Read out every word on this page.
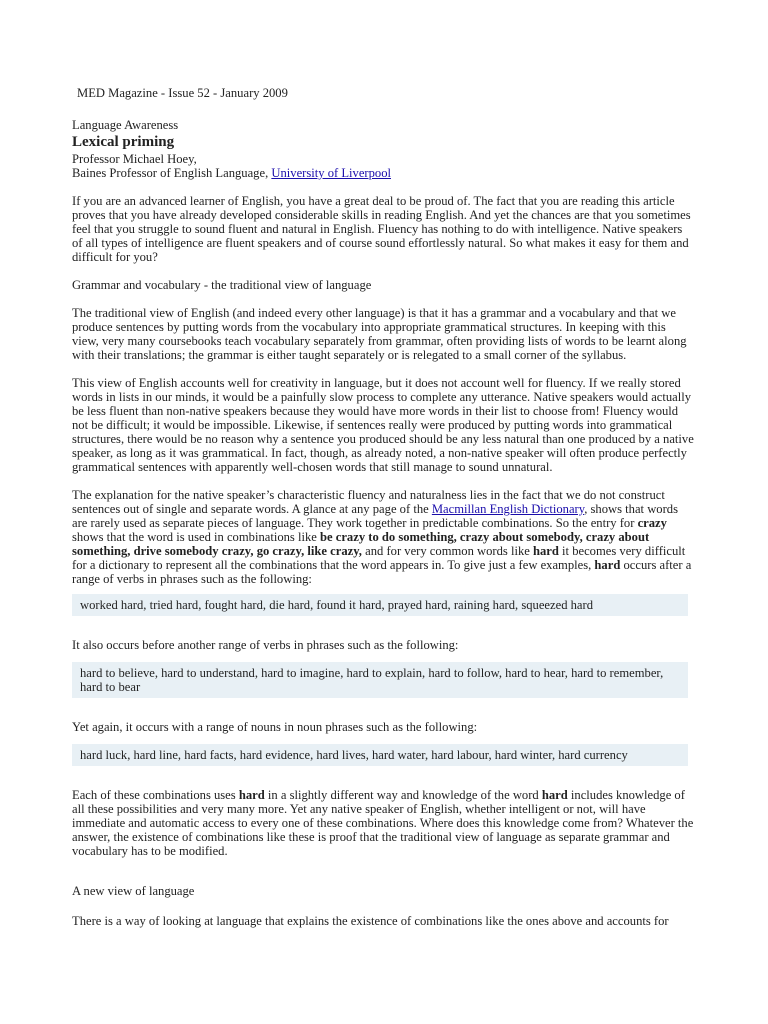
MED Magazine - Issue 52 - January 2009
Language Awareness
Lexical priming
Professor Michael Hoey,
Baines Professor of English Language, University of Liverpool

If you are an advanced learner of English, you have a great deal to be proud of. The fact that you are reading this article proves that you have already developed considerable skills in reading English. And yet the chances are that you sometimes feel that you struggle to sound fluent and natural in English. Fluency has nothing to do with intelligence. Native speakers of all types of intelligence are fluent speakers and of course sound effortlessly natural. So what makes it easy for them and difficult for you?

Grammar and vocabulary - the traditional view of language

The traditional view of English (and indeed every other language) is that it has a grammar and a vocabulary and that we produce sentences by putting words from the vocabulary into appropriate grammatical structures. In keeping with this view, very many coursebooks teach vocabulary separately from grammar, often providing lists of words to be learnt along with their translations; the grammar is either taught separately or is relegated to a small corner of the syllabus.

This view of English accounts well for creativity in language, but it does not account well for fluency. If we really stored words in lists in our minds, it would be a painfully slow process to complete any utterance. Native speakers would actually be less fluent than non-native speakers because they would have more words in their list to choose from! Fluency would not be difficult; it would be impossible. Likewise, if sentences really were produced by putting words into grammatical structures, there would be no reason why a sentence you produced should be any less natural than one produced by a native speaker, as long as it was grammatical. In fact, though, as already noted, a non-native speaker will often produce perfectly grammatical sentences with apparently well-chosen words that still manage to sound unnatural.

The explanation for the native speaker’s characteristic fluency and naturalness lies in the fact that we do not construct sentences out of single and separate words. A glance at any page of the Macmillan English Dictionary, shows that words are rarely used as separate pieces of language. They work together in predictable combinations. So the entry for crazy shows that the word is used in combinations like be crazy to do something, crazy about somebody, crazy about something, drive somebody crazy, go crazy, like crazy, and for very common words like hard it becomes very difficult for a dictionary to represent all the combinations that the word appears in. To give just a few examples, hard occurs after a range of verbs in phrases such as the following:

worked hard, tried hard, fought hard, die hard, found it hard, prayed hard, raining hard, squeezed hard

It also occurs before another range of verbs in phrases such as the following:

hard to believe, hard to understand, hard to imagine, hard to explain, hard to follow, hard to hear, hard to remember, hard to bear

Yet again, it occurs with a range of nouns in noun phrases such as the following:

hard luck, hard line, hard facts, hard evidence, hard lives, hard water, hard labour, hard winter, hard currency

Each of these combinations uses hard in a slightly different way and knowledge of the word hard includes knowledge of all these possibilities and very many more. Yet any native speaker of English, whether intelligent or not, will have immediate and automatic access to every one of these combinations. Where does this knowledge come from? Whatever the answer, the existence of combinations like these is proof that the traditional view of language as separate grammar and vocabulary has to be modified.

A new view of language

There is a way of looking at language that explains the existence of combinations like the ones above and accounts for
